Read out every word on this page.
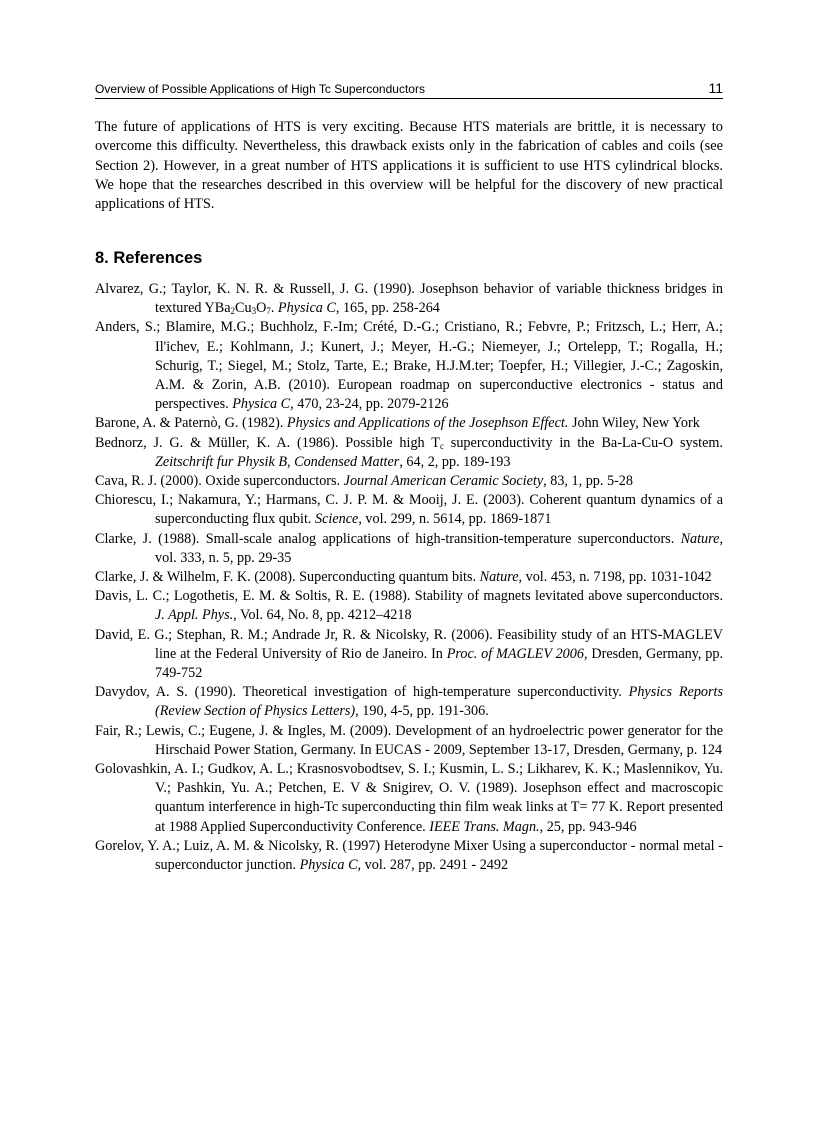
Overview of Possible Applications of High Tc Superconductors	11

The future of applications of HTS is very exciting. Because HTS materials are brittle, it is necessary to overcome this difficulty. Nevertheless, this drawback exists only in the fabrication of cables and coils (see Section 2). However, in a great number of HTS applications it is sufficient to use HTS cylindrical blocks. We hope that the researches described in this overview will be helpful for the discovery of new practical applications of HTS.

8. References
Alvarez, G.; Taylor, K. N. R. & Russell, J. G. (1990). Josephson behavior of variable thickness bridges in textured $YBa_2Cu_3O_7$. Physica C, 165, pp. 258-264
Anders, S.; Blamire, M.G.; Buchholz, F.-Im; Crété, D.-G.; Cristiano, R.; Febvre, P.; Fritzsch, L.; Herr, A.; Il'ichev, E.; Kohlmann, J.; Kunert, J.; Meyer, H.-G.; Niemeyer, J.; Ortelepp, T.; Rogalla, H.; Schurig, T.; Siegel, M.; Stolz, Tarte, E.; Brake, H.J.M.ter; Toepfer, H.; Villegier, J.-C.; Zagoskin, A.M. & Zorin, A.B. (2010). European roadmap on superconductive electronics - status and perspectives. Physica C, 470, 23-24, pp. 2079-2126
Barone, A. & Paternò, G. (1982). Physics and Applications of the Josephson Effect. John Wiley, New York
Bednorz, J. G. & Müller, K. A. (1986). Possible high $T_c$ superconductivity in the Ba-La-Cu-O system. Zeitschrift fur Physik B, Condensed Matter, 64, 2, pp. 189-193
Cava, R. J. (2000). Oxide superconductors. Journal American Ceramic Society, 83, 1, pp. 5-28
Chiorescu, I.; Nakamura, Y.; Harmans, C. J. P. M. & Mooij, J. E. (2003). Coherent quantum dynamics of a superconducting flux qubit. Science, vol. 299, n. 5614, pp. 1869-1871
Clarke, J. (1988). Small-scale analog applications of high-transition-temperature superconductors. Nature, vol. 333, n. 5, pp. 29-35
Clarke, J. & Wilhelm, F. K. (2008). Superconducting quantum bits. Nature, vol. 453, n. 7198, pp. 1031-1042
Davis, L. C.; Logothetis, E. M. & Soltis, R. E. (1988). Stability of magnets levitated above superconductors. J. Appl. Phys., Vol. 64, No. 8, pp. 4212–4218
David, E. G.; Stephan, R. M.; Andrade Jr, R. & Nicolsky, R. (2006). Feasibility study of an HTS-MAGLEV line at the Federal University of Rio de Janeiro. In Proc. of MAGLEV 2006, Dresden, Germany, pp. 749-752
Davydov, A. S. (1990). Theoretical investigation of high-temperature superconductivity. Physics Reports (Review Section of Physics Letters), 190, 4-5, pp. 191-306.
Fair, R.; Lewis, C.; Eugene, J. & Ingles, M. (2009). Development of an hydroelectric power generator for the Hirschaid Power Station, Germany. In EUCAS - 2009, September 13-17, Dresden, Germany, p. 124
Golovashkin, A. I.; Gudkov, A. L.; Krasnosvobodtsev, S. I.; Kusmin, L. S.; Likharev, K. K.; Maslennikov, Yu. V.; Pashkin, Yu. A.; Petchen, E. V & Snigirev, O. V. (1989). Josephson effect and macroscopic quantum interference in high-Tc superconducting thin film weak links at T= 77 K. Report presented at 1988 Applied Superconductivity Conference. IEEE Trans. Magn., 25, pp. 943-946
Gorelov, Y. A.; Luiz, A. M. & Nicolsky, R. (1997) Heterodyne Mixer Using a superconductor - normal metal - superconductor junction. Physica C, vol. 287, pp. 2491 - 2492
